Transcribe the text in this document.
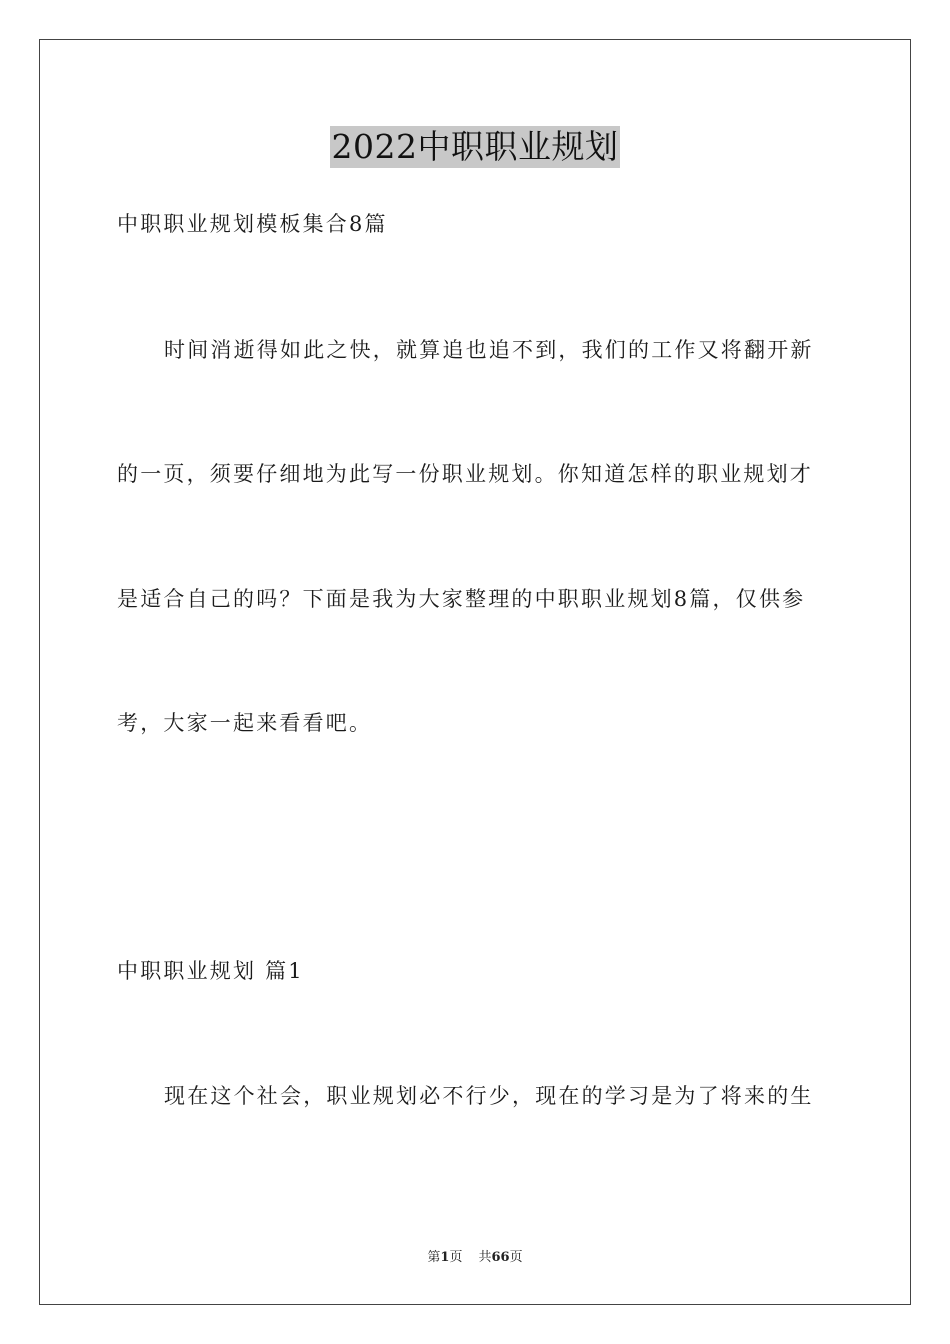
2022中职职业规划
中职职业规划模板集合8篇
时间消逝得如此之快，就算追也追不到，我们的工作又将翻开新
的一页，须要仔细地为此写一份职业规划。你知道怎样的职业规划才
是适合自己的吗？下面是我为大家整理的中职职业规划8篇，仅供参
考，大家一起来看看吧。
中职职业规划 篇1
现在这个社会，职业规划必不行少，现在的学习是为了将来的生
第1页 共66页
